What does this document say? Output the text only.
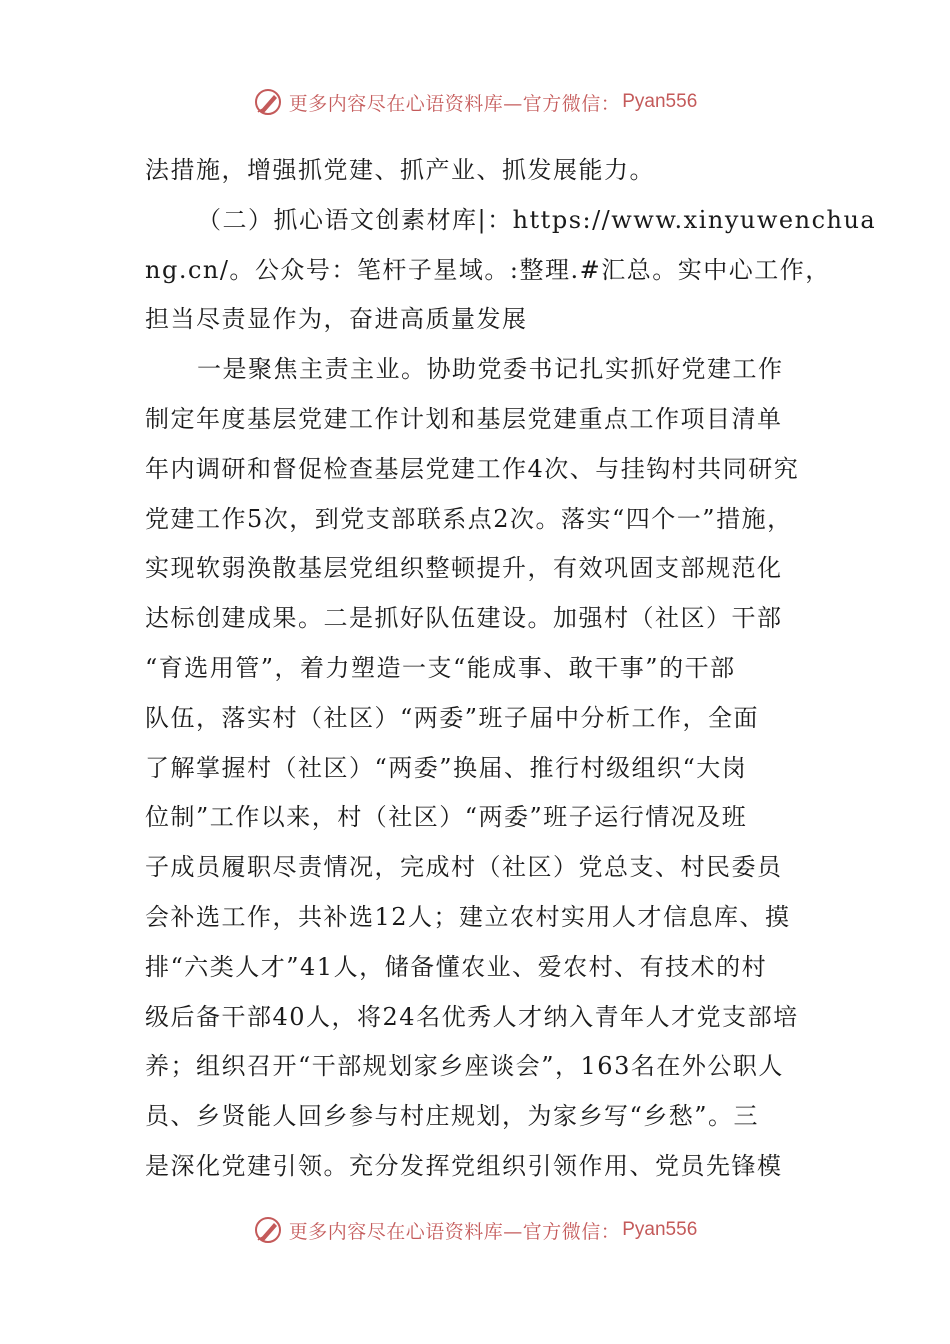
更多内容尽在心语资料库—官方微信： Pyan556
法措施，增强抓党建、抓产业、抓发展能力。
（二）抓心语文创素材库|：https://www.xinyuwenchua
ng.cn/。公众号：笔杆子星域。:整理.#汇总。实中心工作，
担当尽责显作为，奋进高质量发展
一是聚焦主责主业。协助党委书记扎实抓好党建工作
制定年度基层党建工作计划和基层党建重点工作项目清单
年内调研和督促检查基层党建工作4次、与挂钩村共同研究
党建工作5次，到党支部联系点2次。落实“四个一”措施，
实现软弱涣散基层党组织整顿提升，有效巩固支部规范化
达标创建成果。二是抓好队伍建设。加强村（社区）干部
“育选用管”，着力塑造一支“能成事、敢干事”的干部
队伍，落实村（社区）“两委”班子届中分析工作，全面
了解掌握村（社区）“两委”换届、推行村级组织“大岗
位制”工作以来，村（社区）“两委”班子运行情况及班
子成员履职尽责情况，完成村（社区）党总支、村民委员
会补选工作，共补选12人；建立农村实用人才信息库、摸
排“六类人才”41人，储备懂农业、爱农村、有技术的村
级后备干部40人，将24名优秀人才纳入青年人才党支部培
养；组织召开“干部规划家乡座谈会”，163名在外公职人
员、乡贤能人回乡参与村庄规划，为家乡写“乡愁”。三
是深化党建引领。充分发挥党组织引领作用、党员先锋模
更多内容尽在心语资料库—官方微信： Pyan556
